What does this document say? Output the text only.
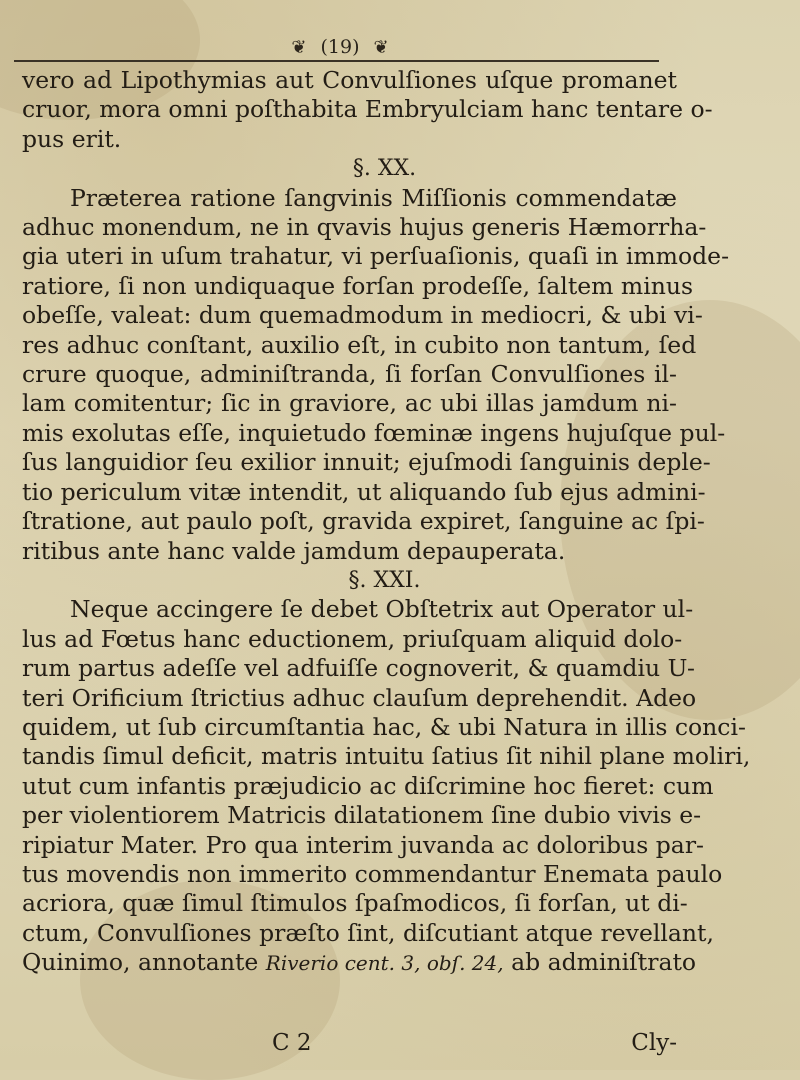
❦ (19) ❦

vero ad Lipothymias aut Convulſiones uſque promanet
cruor, mora omni poſthabita Embryulciam hanc tentare o-
pus erit.

§. XX.

Præterea ratione ſangvinis Miſſionis commendatæ
adhuc monendum, ne in qvavis hujus generis Hæmorrha-
gia uteri in uſum trahatur, vi perſuaſionis, quaſi in immode-
ratiore, ſi non undiquaque forſan prodeſſe, ſaltem minus
obeſſe, valeat: dum quemadmodum in mediocri, & ubi vi-
res adhuc conſtant, auxilio eſt, in cubito non tantum, ſed
crure quoque, adminiſtranda, ſi forſan Convulſiones il-
lam comitentur; ſic in graviore, ac ubi illas jamdum ni-
mis exolutas eſſe, inquietudo fœminæ ingens hujuſque pul-
ſus languidior ſeu exilior innuit; ejuſmodi ſanguinis deple-
tio periculum vitæ intendit, ut aliquando ſub ejus admini-
ſtratione, aut paulo poſt, gravida expiret, ſanguine ac ſpi-
ritibus ante hanc valde jamdum depauperata.

§. XXI.

Neque accingere ſe debet Obſtetrix aut Operator ul-
lus ad Fœtus hanc eductionem, priuſquam aliquid dolo-
rum partus adeſſe vel adfuiſſe cognoverit, & quamdiu U-
teri Orificium ſtrictius adhuc clauſum deprehendit. Adeo
quidem, ut ſub circumſtantia hac, & ubi Natura in illis conci-
tandis ſimul deficit, matris intuitu ſatius ſit nihil plane moliri,
utut cum infantis præjudicio ac diſcrimine hoc fieret: cum
per violentiorem Matricis dilatationem ſine dubio vivis e-
ripiatur Mater. Pro qua interim juvanda ac doloribus par-
tus movendis non immerito commendantur Enemata paulo
acriora, quæ ſimul ſtimulos ſpaſmodicos, ſi forſan, ut di-
ctum, Convulſiones præſto ſint, diſcutiant atque revellant,
Quinimo, annotante Riverio cent. 3, obſ. 24, ab adminiſtrato

C 2	Cly-
